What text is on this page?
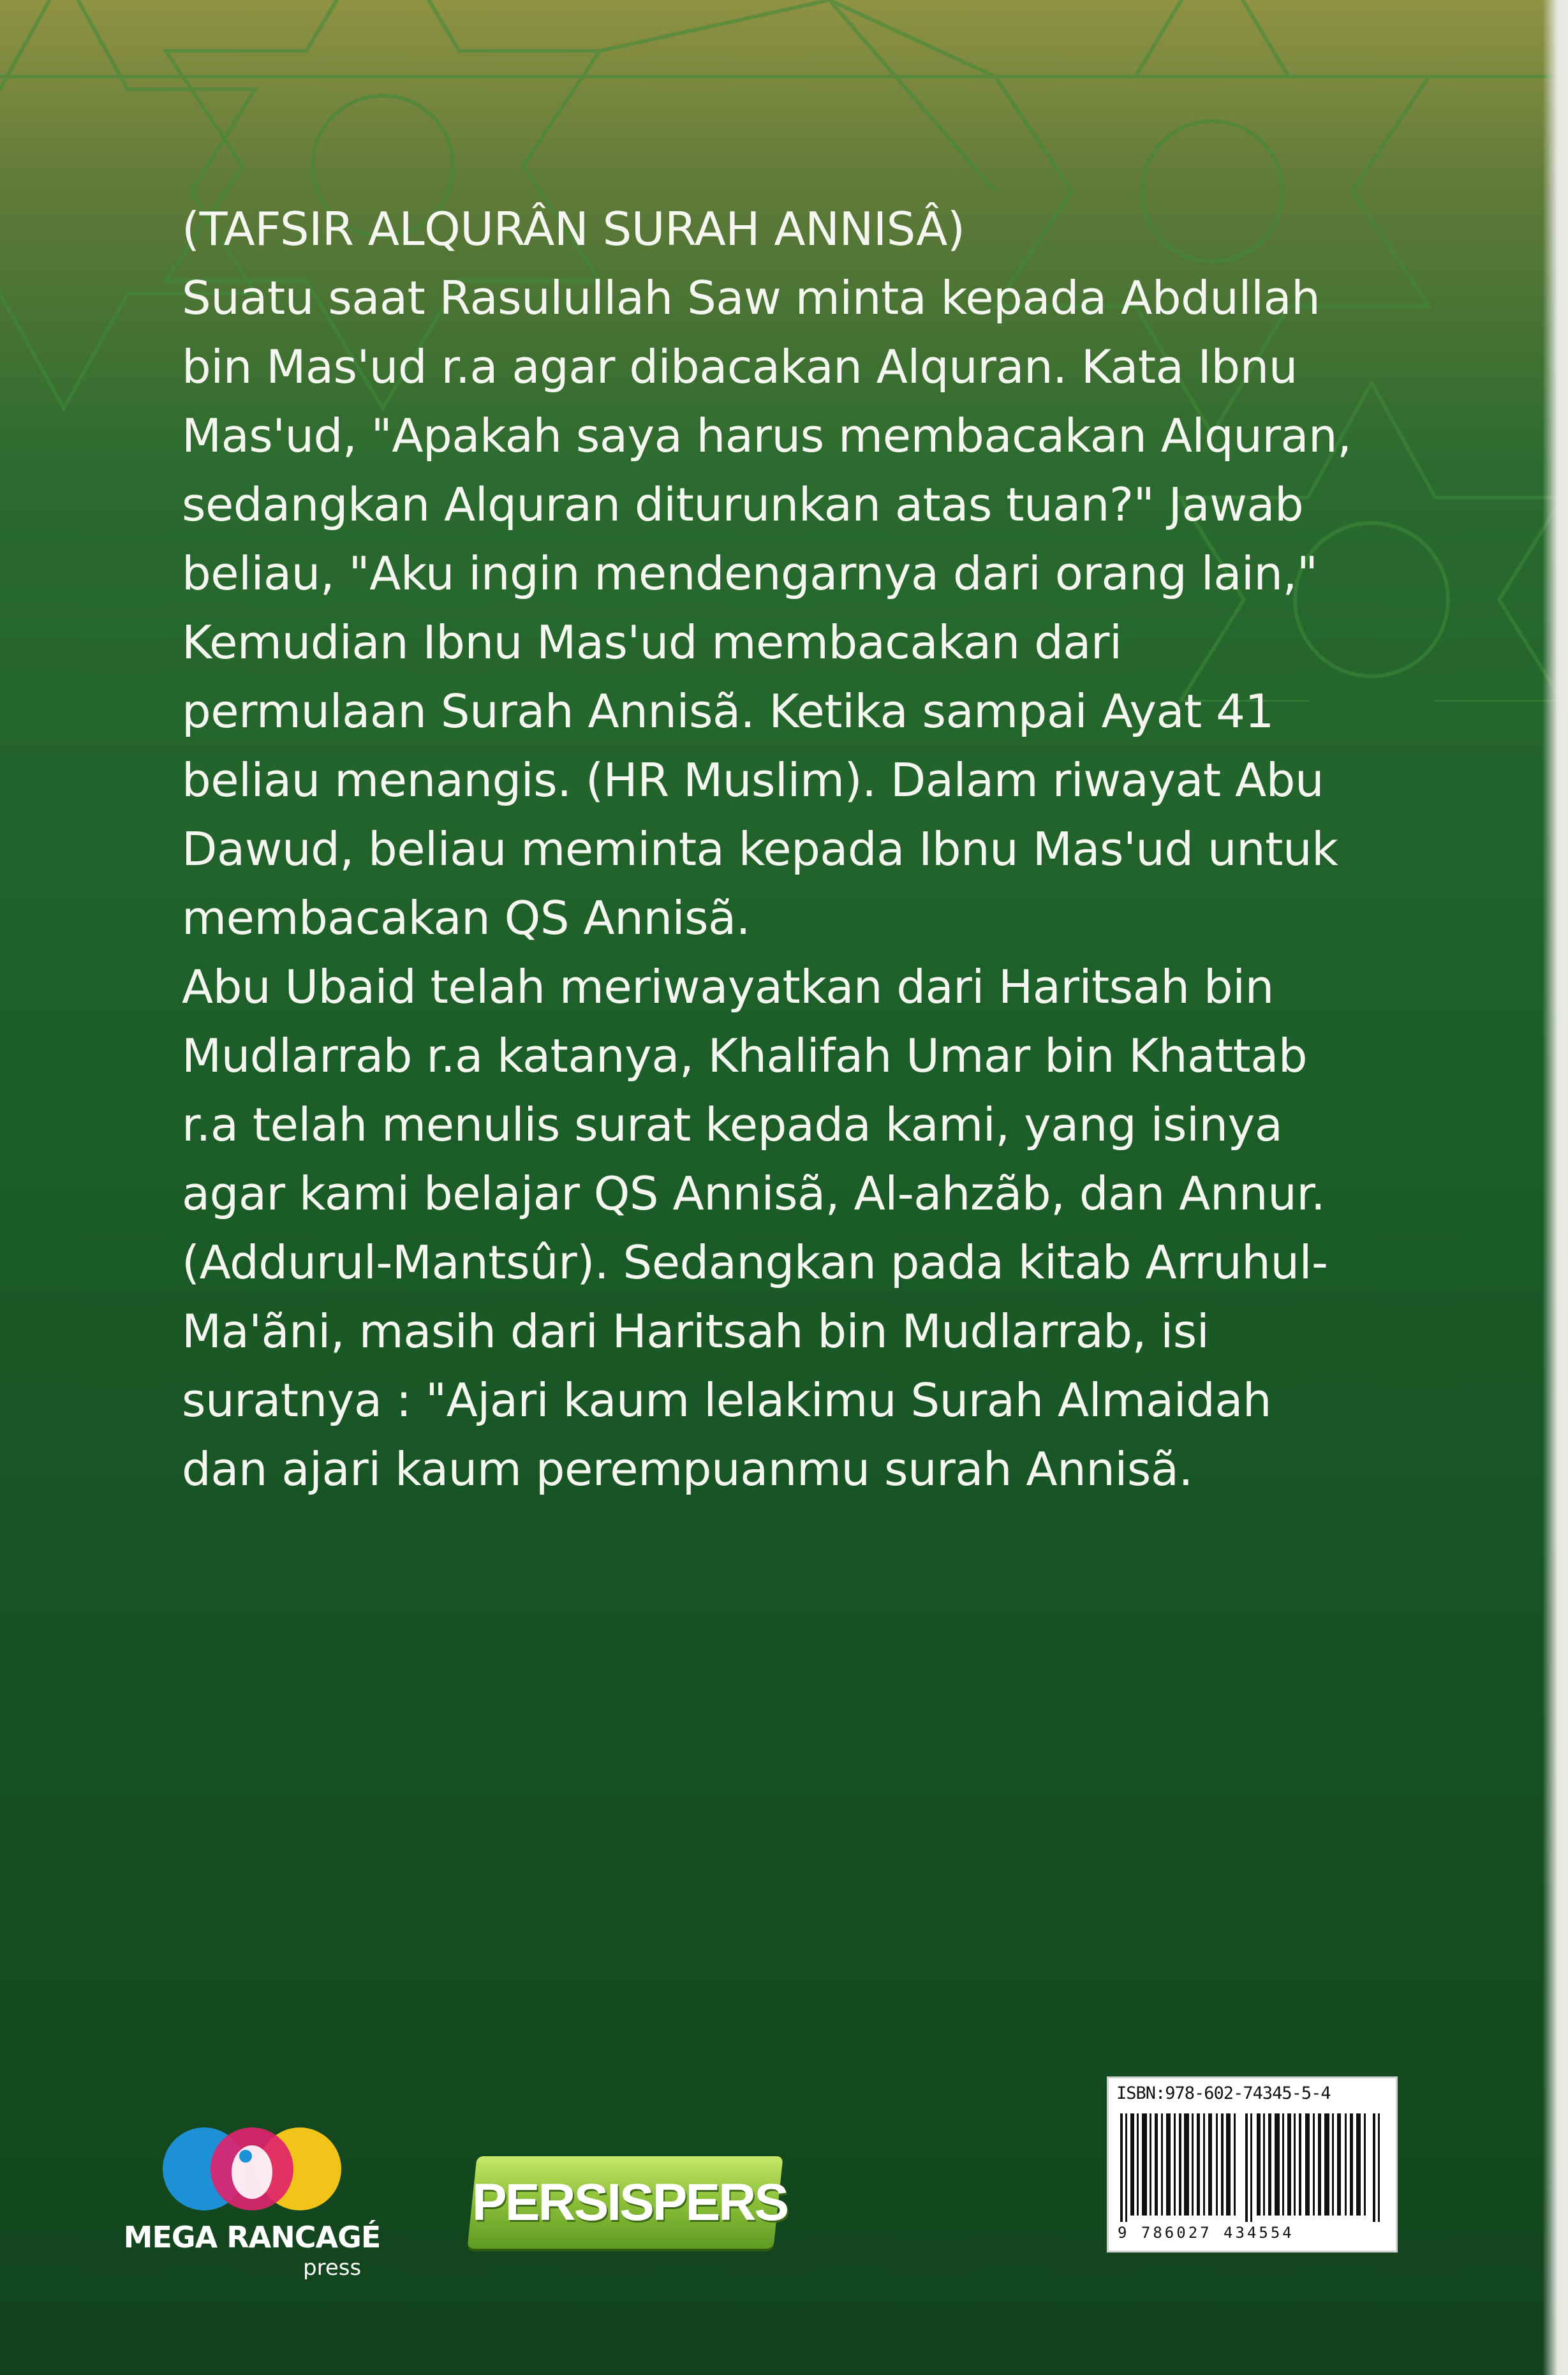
(TAFSIR ALQURÂN SURAH ANNISÂ)

Suatu saat Rasulullah Saw minta kepada Abdullah

bin Mas'ud r.a agar dibacakan Alquran. Kata Ibnu

Mas'ud, "Apakah saya harus membacakan Alquran,

sedangkan Alquran diturunkan atas tuan?" Jawab

beliau, "Aku ingin mendengarnya dari orang lain,"

Kemudian Ibnu Mas'ud membacakan dari

permulaan Surah Annisã. Ketika sampai Ayat 41

beliau menangis. (HR Muslim). Dalam riwayat Abu

Dawud, beliau meminta kepada Ibnu Mas'ud untuk

membacakan QS Annisã.

Abu Ubaid telah meriwayatkan dari Haritsah bin

Mudlarrab r.a katanya, Khalifah Umar bin Khattab

r.a telah menulis surat kepada kami, yang isinya

agar kami belajar QS Annisã, Al-ahzãb, dan Annur.

(Addurul-Mantsûr). Sedangkan pada kitab Arruhul-

Ma'ãni, masih dari Haritsah bin Mudlarrab, isi

suratnya : "Ajari kaum lelakimu Surah Almaidah

dan ajari kaum perempuanmu surah Annisã.

MEGA RANCAGÉ
press
PERSISPERS
ISBN:978-602-74345-5-4
9 786027 434554
